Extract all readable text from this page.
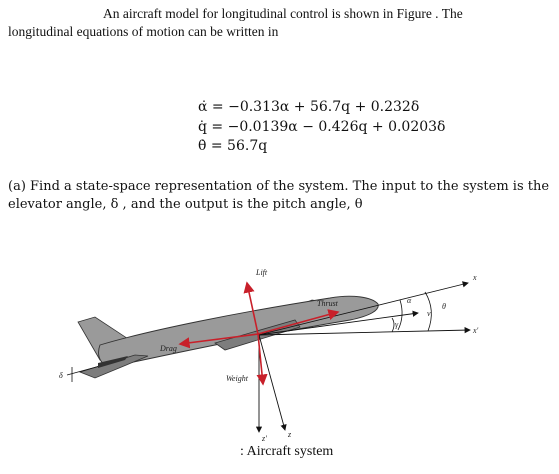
An aircraft model for longitudinal control is shown in Figure . The
longitudinal equations of motion can be written in
α̇ = −0.313α + 56.7q + 0.232δ
q̇ = −0.0139α − 0.426q + 0.0203δ
θ̇ = 56.7q
(a) Find a state-space representation of the system. The input to the system is the elevator angle, δ , and the output is the pitch angle, θ
Lift
Thrust
Drag
Weight
δ
α
θ
γ
v
x
x'
z
z'
: Aircraft system
